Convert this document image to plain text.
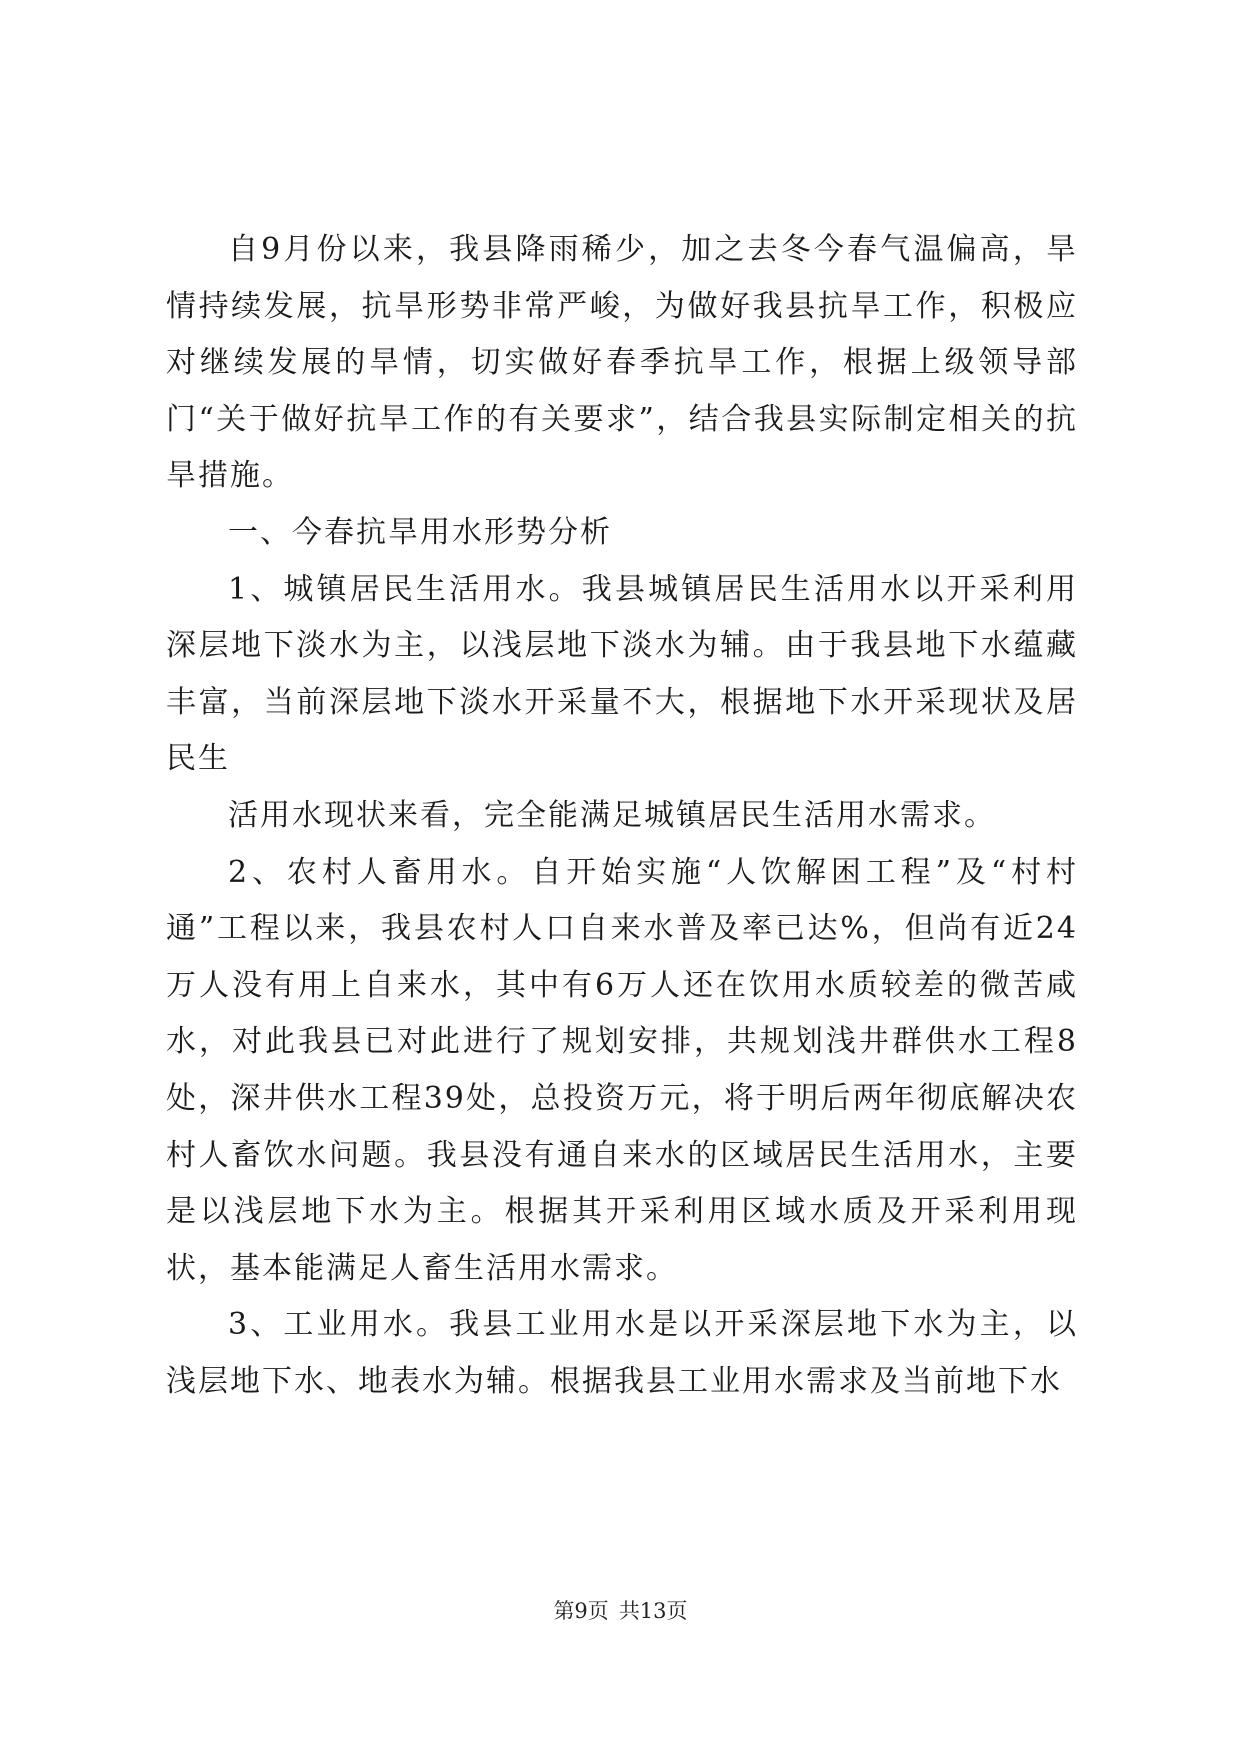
自9月份以来，我县降雨稀少，加之去冬今春气温偏高，旱情持续发展，抗旱形势非常严峻，为做好我县抗旱工作，积极应对继续发展的旱情，切实做好春季抗旱工作，根据上级领导部门“关于做好抗旱工作的有关要求”，结合我县实际制定相关的抗旱措施。

一、今春抗旱用水形势分析

1、城镇居民生活用水。我县城镇居民生活用水以开采利用深层地下淡水为主，以浅层地下淡水为辅。由于我县地下水蕴藏丰富，当前深层地下淡水开采量不大，根据地下水开采现状及居民生

活用水现状来看，完全能满足城镇居民生活用水需求。

2、农村人畜用水。自开始实施“人饮解困工程”及“村村通”工程以来，我县农村人口自来水普及率已达%，但尚有近24万人没有用上自来水，其中有6万人还在饮用水质较差的微苦咸水，对此我县已对此进行了规划安排，共规划浅井群供水工程8处，深井供水工程39处，总投资万元，将于明后两年彻底解决农村人畜饮水问题。我县没有通自来水的区域居民生活用水，主要是以浅层地下水为主。根据其开采利用区域水质及开采利用现状，基本能满足人畜生活用水需求。

3、工业用水。我县工业用水是以开采深层地下水为主，以浅层地下水、地表水为辅。根据我县工业用水需求及当前地下水

第9页 共13页
